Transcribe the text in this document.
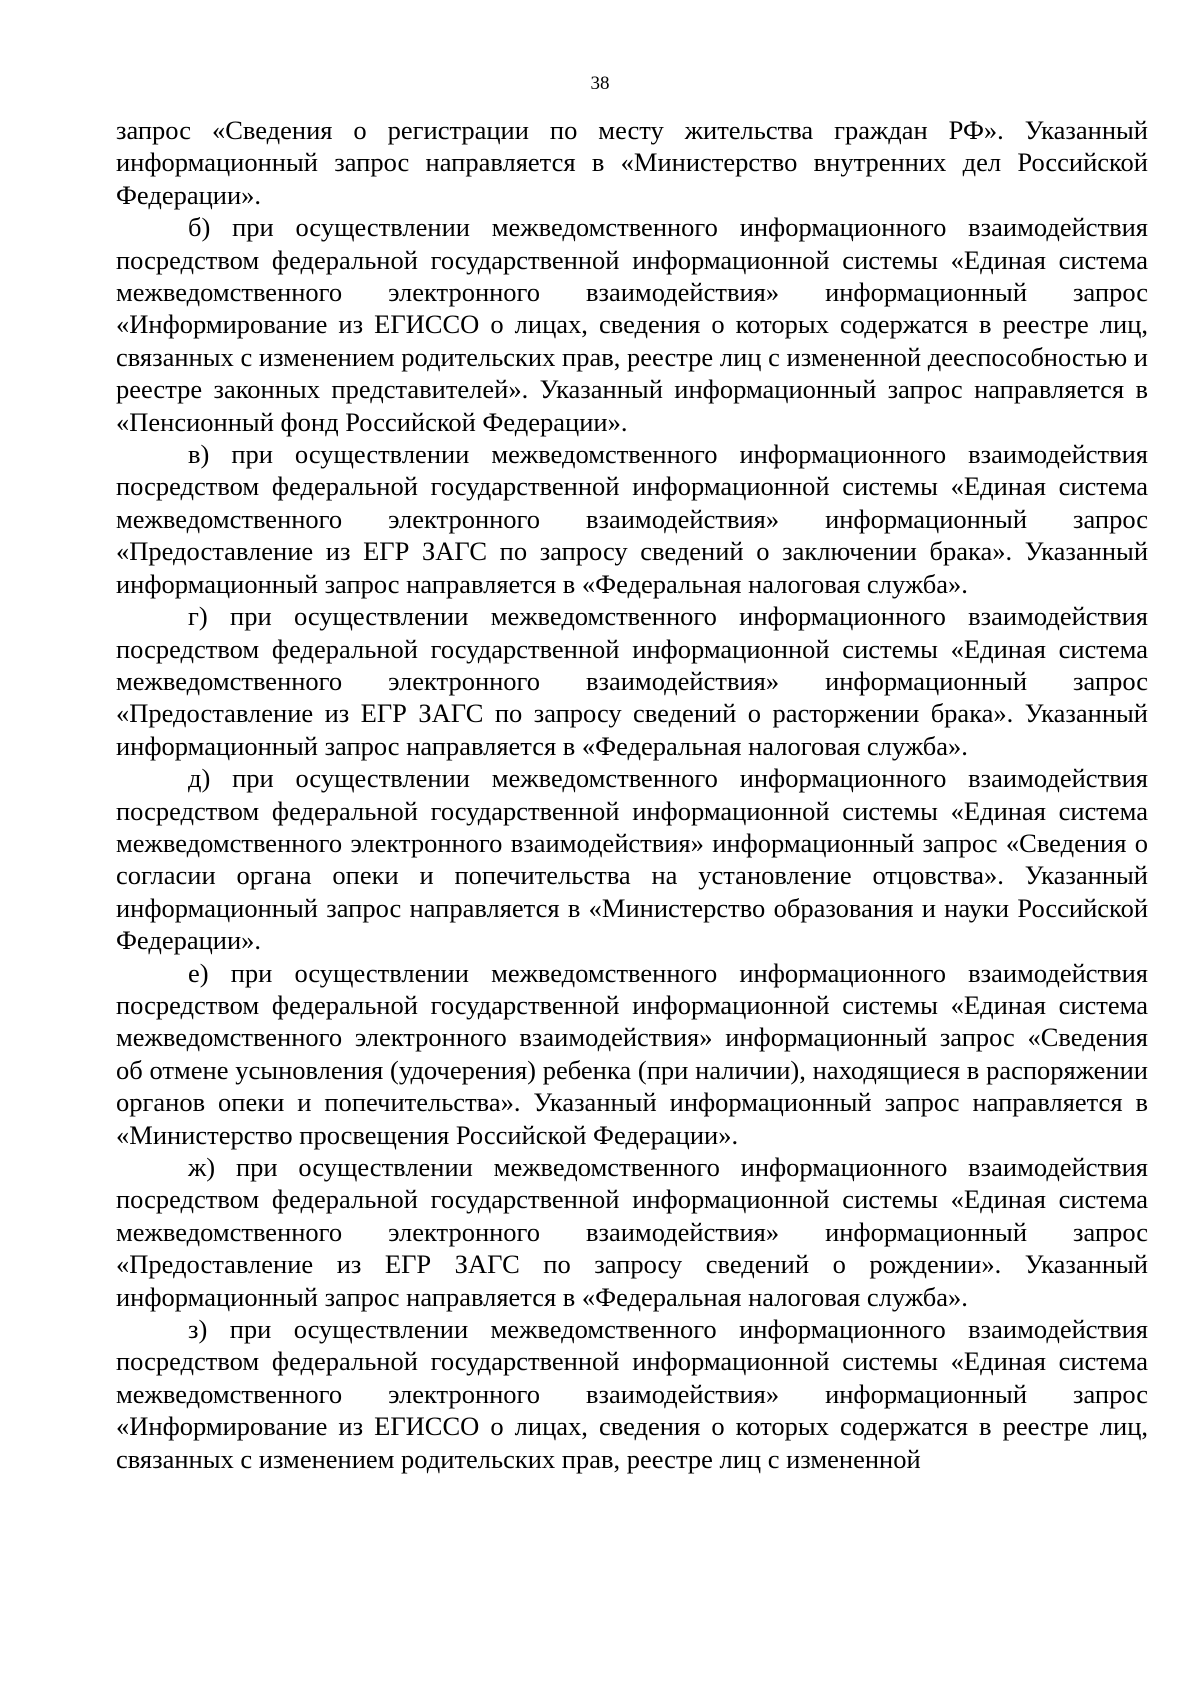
38

запрос «Сведения о регистрации по месту жительства граждан РФ». Указанный информационный запрос направляется в «Министерство внутренних дел Российской Федерации».

б) при осуществлении межведомственного информационного взаимодействия посредством федеральной государственной информационной системы «Единая система межведомственного электронного взаимодействия» информационный запрос «Информирование из ЕГИССО о лицах, сведения о которых содержатся в реестре лиц, связанных с изменением родительских прав, реестре лиц с измененной дееспособностью и реестре законных представителей». Указанный информационный запрос направляется в «Пенсионный фонд Российской Федерации».

в) при осуществлении межведомственного информационного взаимодействия посредством федеральной государственной информационной системы «Единая система межведомственного электронного взаимодействия» информационный запрос «Предоставление из ЕГР ЗАГС по запросу сведений о заключении брака». Указанный информационный запрос направляется в «Федеральная налоговая служба».

г) при осуществлении межведомственного информационного взаимодействия посредством федеральной государственной информационной системы «Единая система межведомственного электронного взаимодействия» информационный запрос «Предоставление из ЕГР ЗАГС по запросу сведений о расторжении брака». Указанный информационный запрос направляется в «Федеральная налоговая служба».

д) при осуществлении межведомственного информационного взаимодействия посредством федеральной государственной информационной системы «Единая система межведомственного электронного взаимодействия» информационный запрос «Сведения о согласии органа опеки и попечительства на установление отцовства». Указанный информационный запрос направляется в «Министерство образования и науки Российской Федерации».

е) при осуществлении межведомственного информационного взаимодействия посредством федеральной государственной информационной системы «Единая система межведомственного электронного взаимодействия» информационный запрос «Сведения об отмене усыновления (удочерения) ребенка (при наличии), находящиеся в распоряжении органов опеки и попечительства». Указанный информационный запрос направляется в «Министерство просвещения Российской Федерации».

ж) при осуществлении межведомственного информационного взаимодействия посредством федеральной государственной информационной системы «Единая система межведомственного электронного взаимодействия» информационный запрос «Предоставление из ЕГР ЗАГС по запросу сведений о рождении». Указанный информационный запрос направляется в «Федеральная налоговая служба».

з) при осуществлении межведомственного информационного взаимодействия посредством федеральной государственной информационной системы «Единая система межведомственного электронного взаимодействия» информационный запрос «Информирование из ЕГИССО о лицах, сведения о которых содержатся в реестре лиц, связанных с изменением родительских прав, реестре лиц с измененной
